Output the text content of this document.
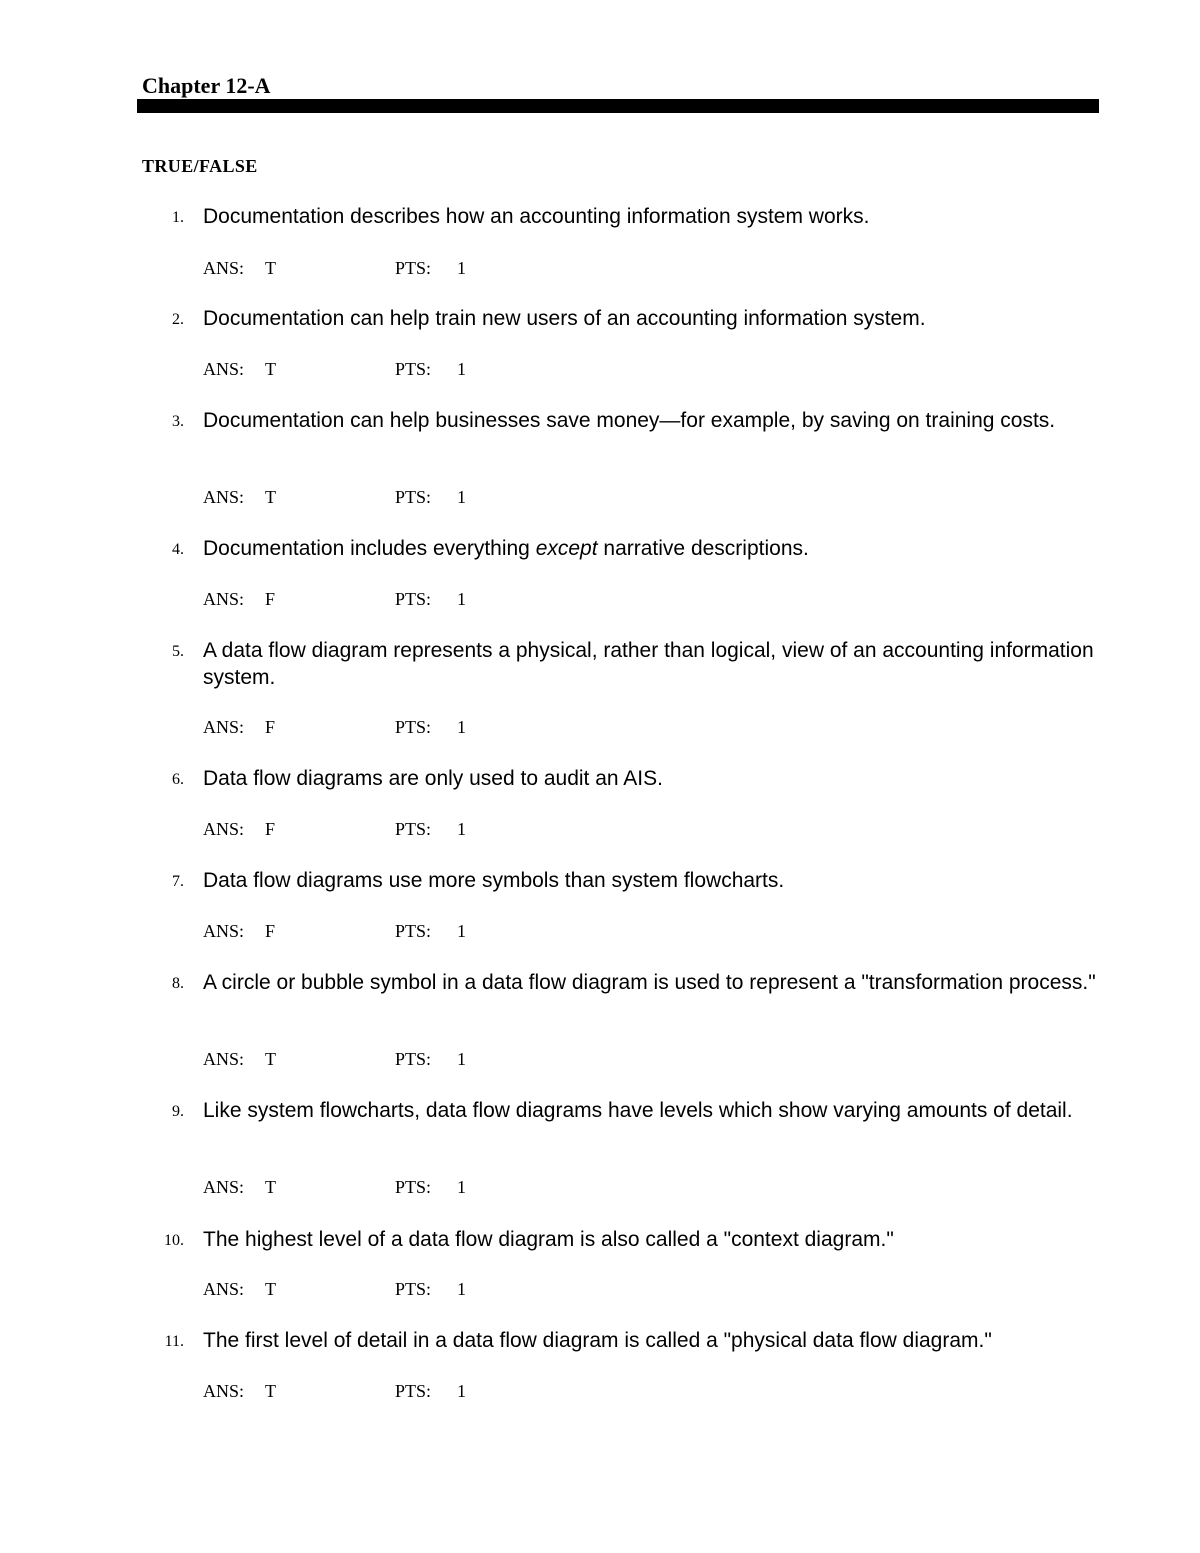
Chapter 12-A
TRUE/FALSE
1. Documentation describes how an accounting information system works.

ANS: T	PTS: 1
2. Documentation can help train new users of an accounting information system.

ANS: T	PTS: 1
3. Documentation can help businesses save money—for example, by saving on training costs.

ANS: T	PTS: 1
4. Documentation includes everything except narrative descriptions.

ANS: F	PTS: 1
5. A data flow diagram represents a physical, rather than logical, view of an accounting information system.

ANS: F	PTS: 1
6. Data flow diagrams are only used to audit an AIS.

ANS: F	PTS: 1
7. Data flow diagrams use more symbols than system flowcharts.

ANS: F	PTS: 1
8. A circle or bubble symbol in a data flow diagram is used to represent a "transformation process."

ANS: T	PTS: 1
9. Like system flowcharts, data flow diagrams have levels which show varying amounts of detail.

ANS: T	PTS: 1
10. The highest level of a data flow diagram is also called a "context diagram."

ANS: T	PTS: 1
11. The first level of detail in a data flow diagram is called a "physical data flow diagram."

ANS: T	PTS: 1
